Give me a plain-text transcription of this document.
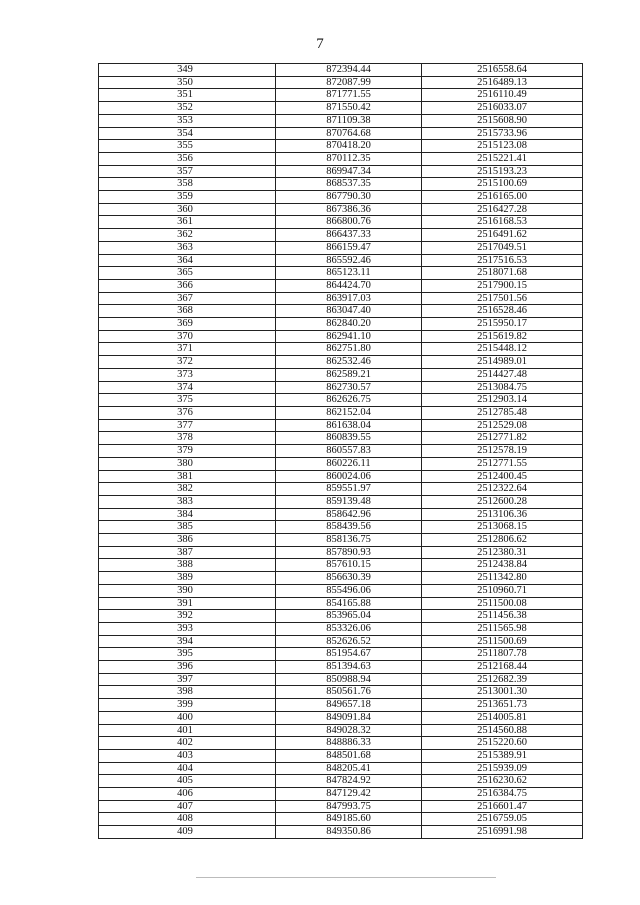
7
349	872394.44	2516558.64
350	872087.99	2516489.13
351	871771.55	2516110.49
352	871550.42	2516033.07
353	871109.38	2515608.90
354	870764.68	2515733.96
355	870418.20	2515123.08
356	870112.35	2515221.41
357	869947.34	2515193.23
358	868537.35	2515100.69
359	867790.30	2516165.00
360	867386.36	2516427.28
361	866800.76	2516168.53
362	866437.33	2516491.62
363	866159.47	2517049.51
364	865592.46	2517516.53
365	865123.11	2518071.68
366	864424.70	2517900.15
367	863917.03	2517501.56
368	863047.40	2516528.46
369	862840.20	2515950.17
370	862941.10	2515619.82
371	862751.80	2515448.12
372	862532.46	2514989.01
373	862589.21	2514427.48
374	862730.57	2513084.75
375	862626.75	2512903.14
376	862152.04	2512785.48
377	861638.04	2512529.08
378	860839.55	2512771.82
379	860557.83	2512578.19
380	860226.11	2512771.55
381	860024.06	2512400.45
382	859551.97	2512322.64
383	859139.48	2512600.28
384	858642.96	2513106.36
385	858439.56	2513068.15
386	858136.75	2512806.62
387	857890.93	2512380.31
388	857610.15	2512438.84
389	856630.39	2511342.80
390	855496.06	2510960.71
391	854165.88	2511500.08
392	853965.04	2511456.38
393	853326.06	2511565.98
394	852626.52	2511500.69
395	851954.67	2511807.78
396	851394.63	2512168.44
397	850988.94	2512682.39
398	850561.76	2513001.30
399	849657.18	2513651.73
400	849091.84	2514005.81
401	849028.32	2514560.88
402	848886.33	2515220.60
403	848501.68	2515389.91
404	848205.41	2515939.09
405	847824.92	2516230.62
406	847129.42	2516384.75
407	847993.75	2516601.47
408	849185.60	2516759.05
409	849350.86	2516991.98
